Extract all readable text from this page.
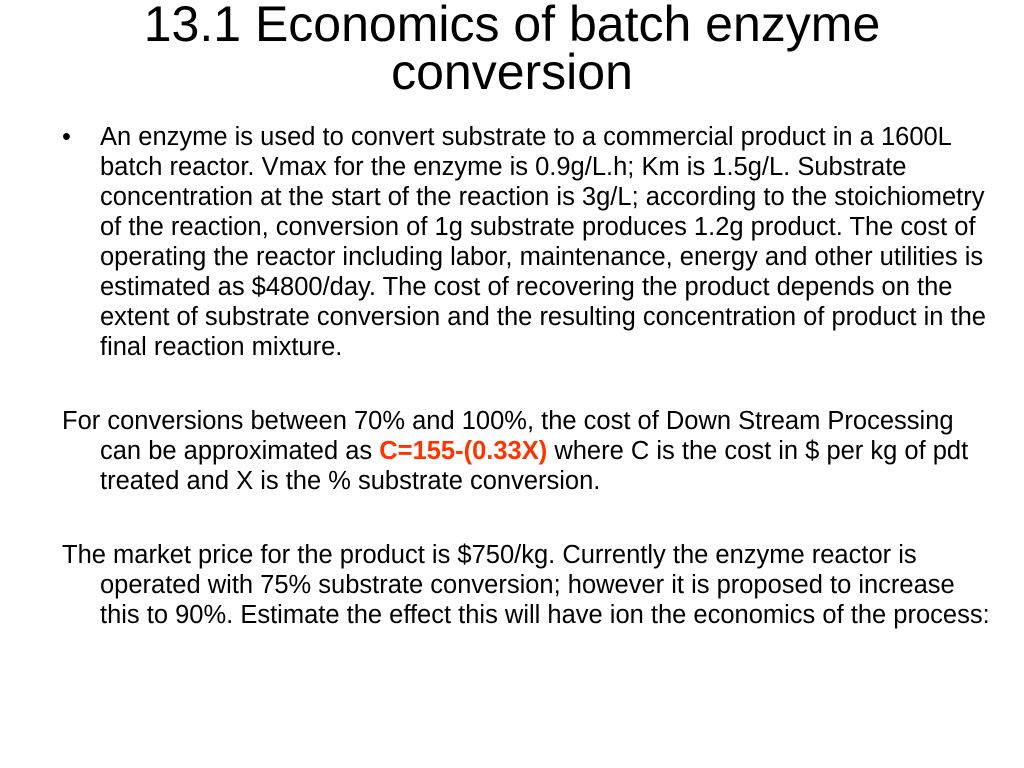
13.1 Economics of batch enzyme
conversion
• An enzyme is used to convert substrate to a commercial product in a 1600L batch reactor. Vmax for the enzyme is 0.9g/L.h; Km is 1.5g/L. Substrate concentration at the start of the reaction is 3g/L; according to the stoichiometry of the reaction, conversion of 1g substrate produces 1.2g product. The cost of operating the reactor including labor, maintenance, energy and other utilities is estimated as $4800/day. The cost of recovering the product depends on the extent of substrate conversion and the resulting concentration of product in the final reaction mixture.

For conversions between 70% and 100%, the cost of Down Stream Processing can be approximated as C=155-(0.33X) where C is the cost in $ per kg of pdt treated and X is the % substrate conversion.

The market price for the product is $750/kg. Currently the enzyme reactor is operated with 75% substrate conversion; however it is proposed to increase this to 90%. Estimate the effect this will have ion the economics of the process:
